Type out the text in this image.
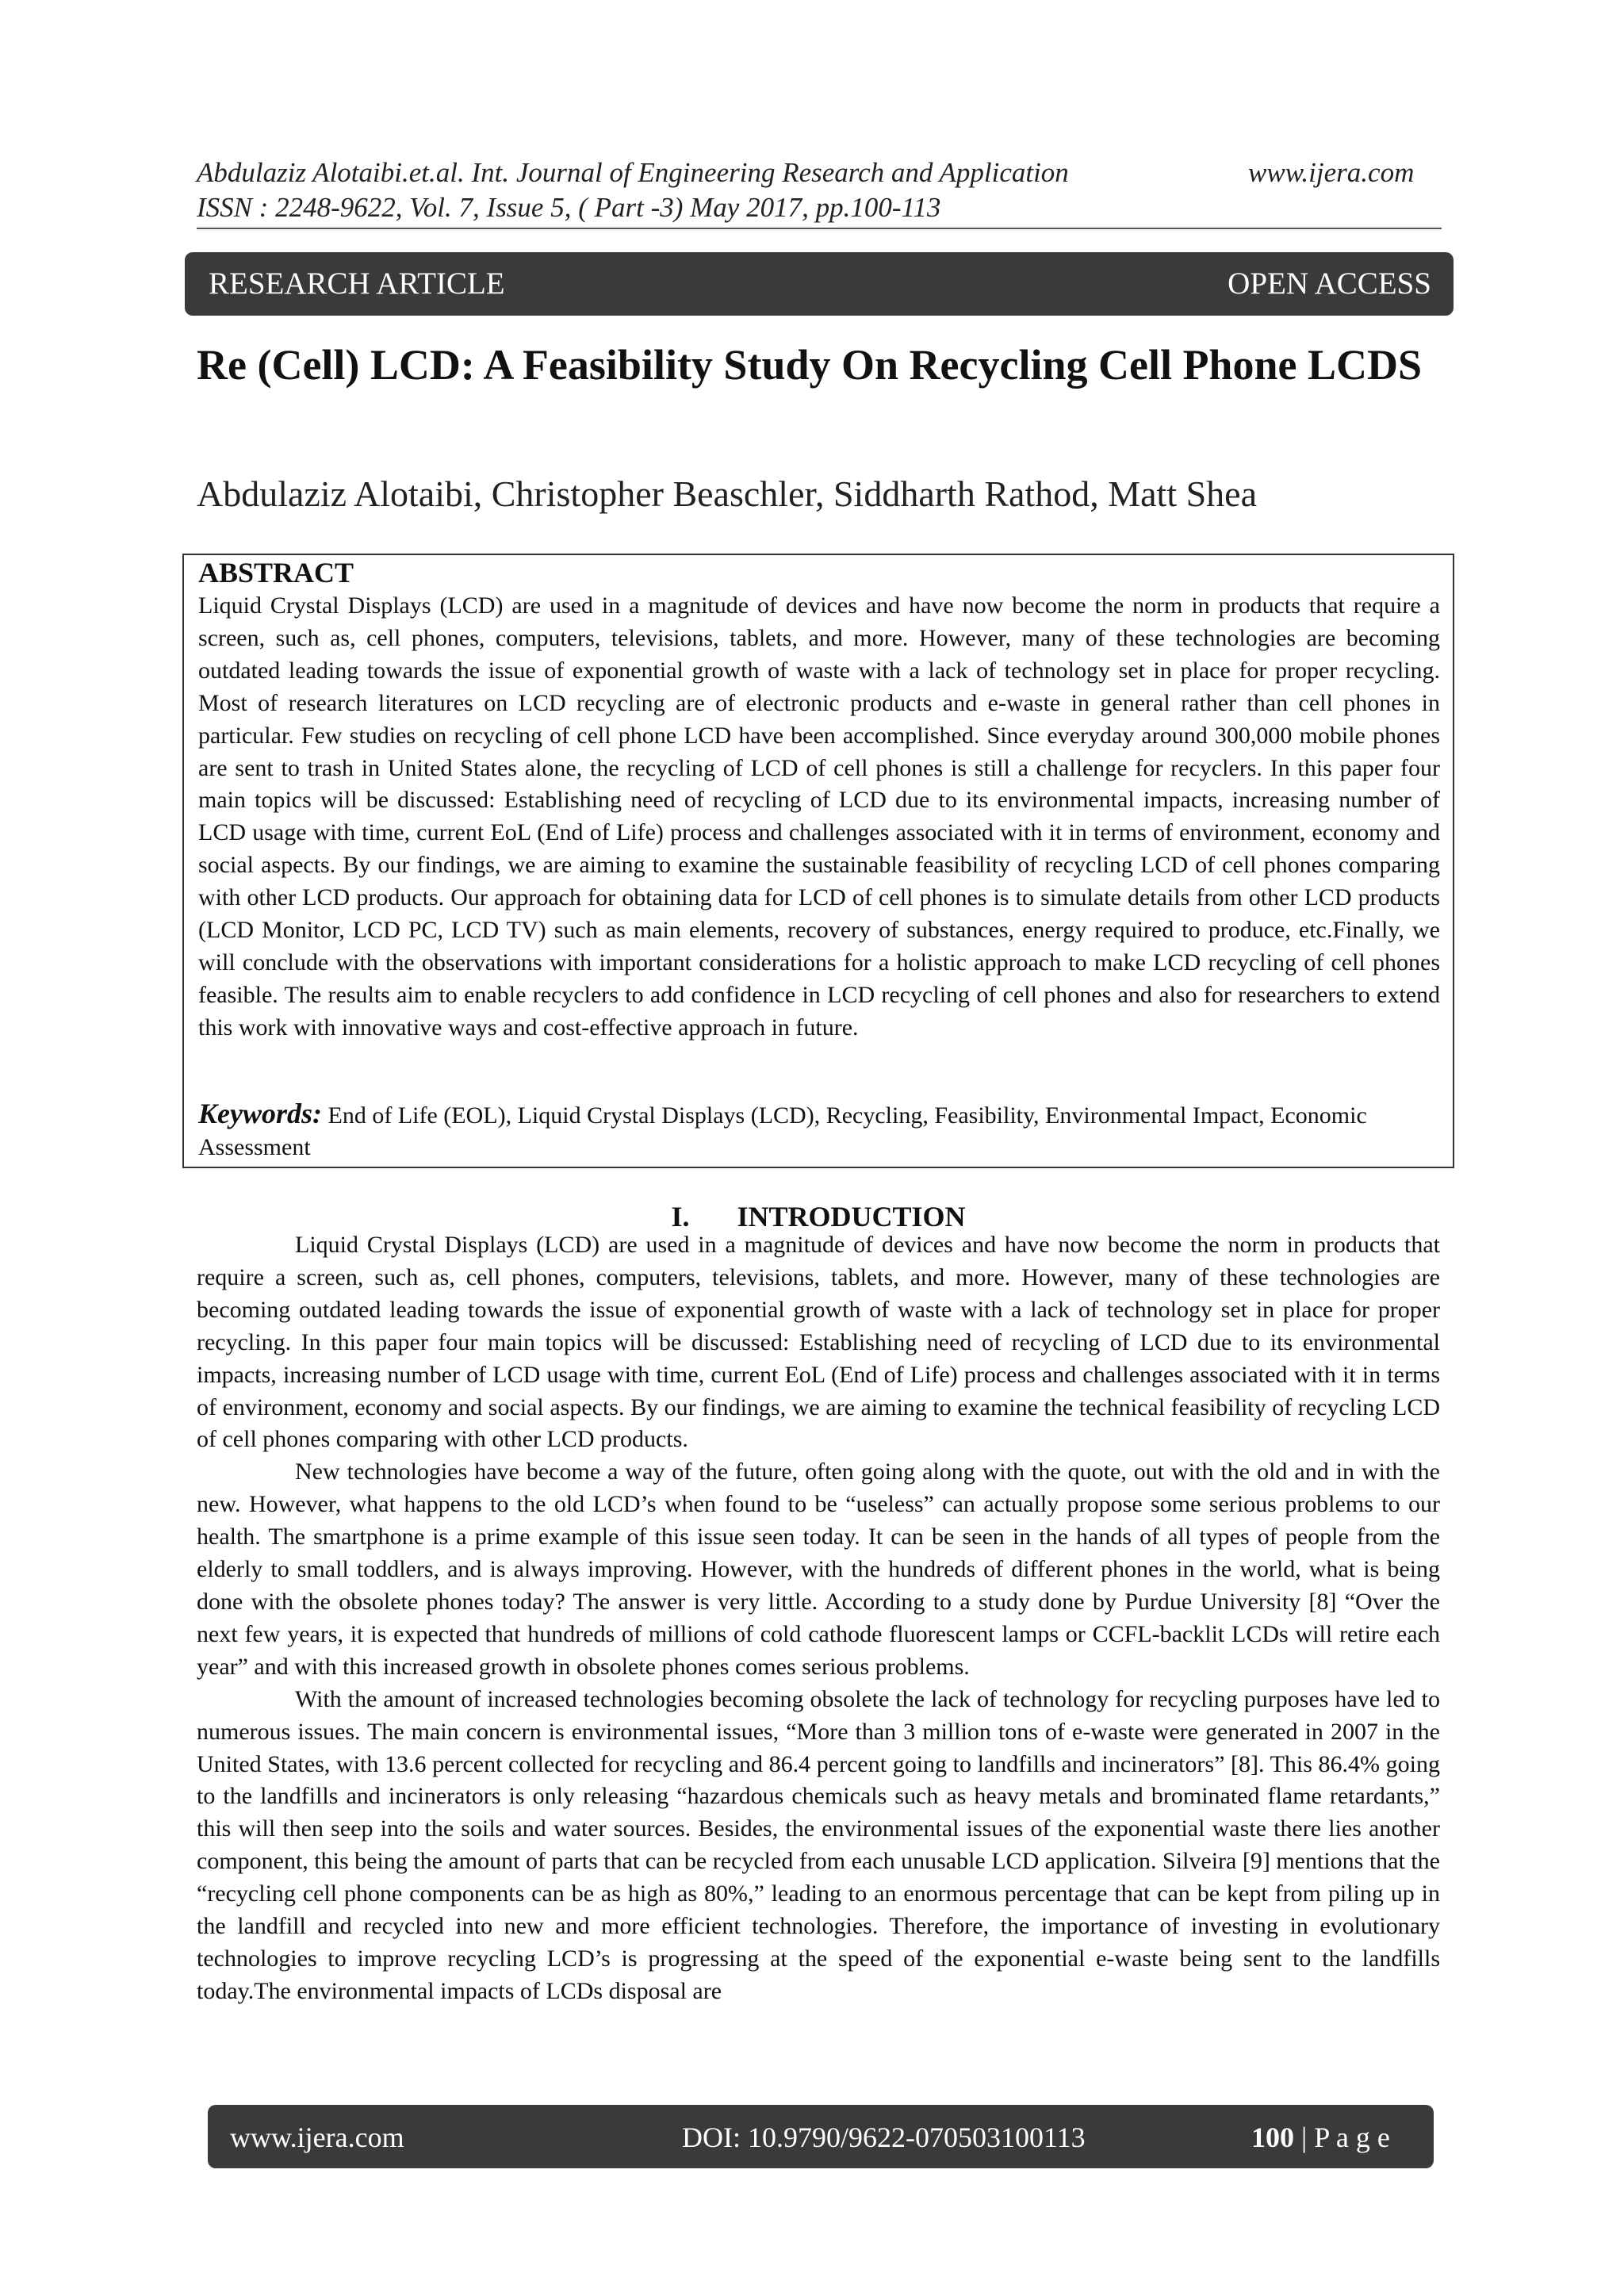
Abdulaziz Alotaibi.et.al. Int. Journal of Engineering Research and Application	www.ijera.com
ISSN : 2248-9622, Vol. 7, Issue 5, ( Part -3) May 2017, pp.100-113
RESEARCH ARTICLE	OPEN ACCESS
Re (Cell) LCD: A Feasibility Study On Recycling Cell Phone LCDS
Abdulaziz Alotaibi, Christopher Beaschler, Siddharth Rathod, Matt Shea
ABSTRACT
Liquid Crystal Displays (LCD) are used in a magnitude of devices and have now become the norm in products that require a screen, such as, cell phones, computers, televisions, tablets, and more. However, many of these technologies are becoming outdated leading towards the issue of exponential growth of waste with a lack of technology set in place for proper recycling. Most of research literatures on LCD recycling are of electronic products and e-waste in general rather than cell phones in particular. Few studies on recycling of cell phone LCD have been accomplished. Since everyday around 300,000 mobile phones are sent to trash in United States alone, the recycling of LCD of cell phones is still a challenge for recyclers. In this paper four main topics will be discussed: Establishing need of recycling of LCD due to its environmental impacts, increasing number of LCD usage with time, current EoL (End of Life) process and challenges associated with it in terms of environment, economy and social aspects. By our findings, we are aiming to examine the sustainable feasibility of recycling LCD of cell phones comparing with other LCD products. Our approach for obtaining data for LCD of cell phones is to simulate details from other LCD products (LCD Monitor, LCD PC, LCD TV) such as main elements, recovery of substances, energy required to produce, etc.Finally, we will conclude with the observations with important considerations for a holistic approach to make LCD recycling of cell phones feasible. The results aim to enable recyclers to add confidence in LCD recycling of cell phones and also for researchers to extend this work with innovative ways and cost-effective approach in future.
Keywords: End of Life (EOL), Liquid Crystal Displays (LCD), Recycling, Feasibility, Environmental Impact, Economic Assessment
I. INTRODUCTION

Liquid Crystal Displays (LCD) are used in a magnitude of devices and have now become the norm in products that require a screen, such as, cell phones, computers, televisions, tablets, and more. However, many of these technologies are becoming outdated leading towards the issue of exponential growth of waste with a lack of technology set in place for proper recycling. In this paper four main topics will be discussed: Establishing need of recycling of LCD due to its environmental impacts, increasing number of LCD usage with time, current EoL (End of Life) process and challenges associated with it in terms of environment, economy and social aspects. By our findings, we are aiming to examine the technical feasibility of recycling LCD of cell phones comparing with other LCD products.

New technologies have become a way of the future, often going along with the quote, out with the old and in with the new. However, what happens to the old LCD’s when found to be “useless” can actually propose some serious problems to our health. The smartphone is a prime example of this issue seen today. It can be seen in the hands of all types of people from the elderly to small toddlers, and is always improving. However, with the hundreds of different phones in the world, what is being done with the obsolete phones today? The answer is very little. According to a study done by Purdue University [8] “Over the next few years, it is expected that hundreds of millions of cold cathode fluorescent lamps or CCFL-backlit LCDs will retire each year” and with this increased growth in obsolete phones comes serious problems.

With the amount of increased technologies becoming obsolete the lack of technology for recycling purposes have led to numerous issues. The main concern is environmental issues, “More than 3 million tons of e-waste were generated in 2007 in the United States, with 13.6 percent collected for recycling and 86.4 percent going to landfills and incinerators” [8]. This 86.4% going to the landfills and incinerators is only releasing “hazardous chemicals such as heavy metals and brominated flame retardants,” this will then seep into the soils and water sources. Besides, the environmental issues of the exponential waste there lies another component, this being the amount of parts that can be recycled from each unusable LCD application. Silveira [9] mentions that the “recycling cell phone components can be as high as 80%,” leading to an enormous percentage that can be kept from piling up in the landfill and recycled into new and more efficient technologies. Therefore, the importance of investing in evolutionary technologies to improve recycling LCD’s is progressing at the speed of the exponential e-waste being sent to the landfills today.The environmental impacts of LCDs disposal are

www.ijera.com	DOI: 10.9790/9622-070503100113	100 | P a g e
